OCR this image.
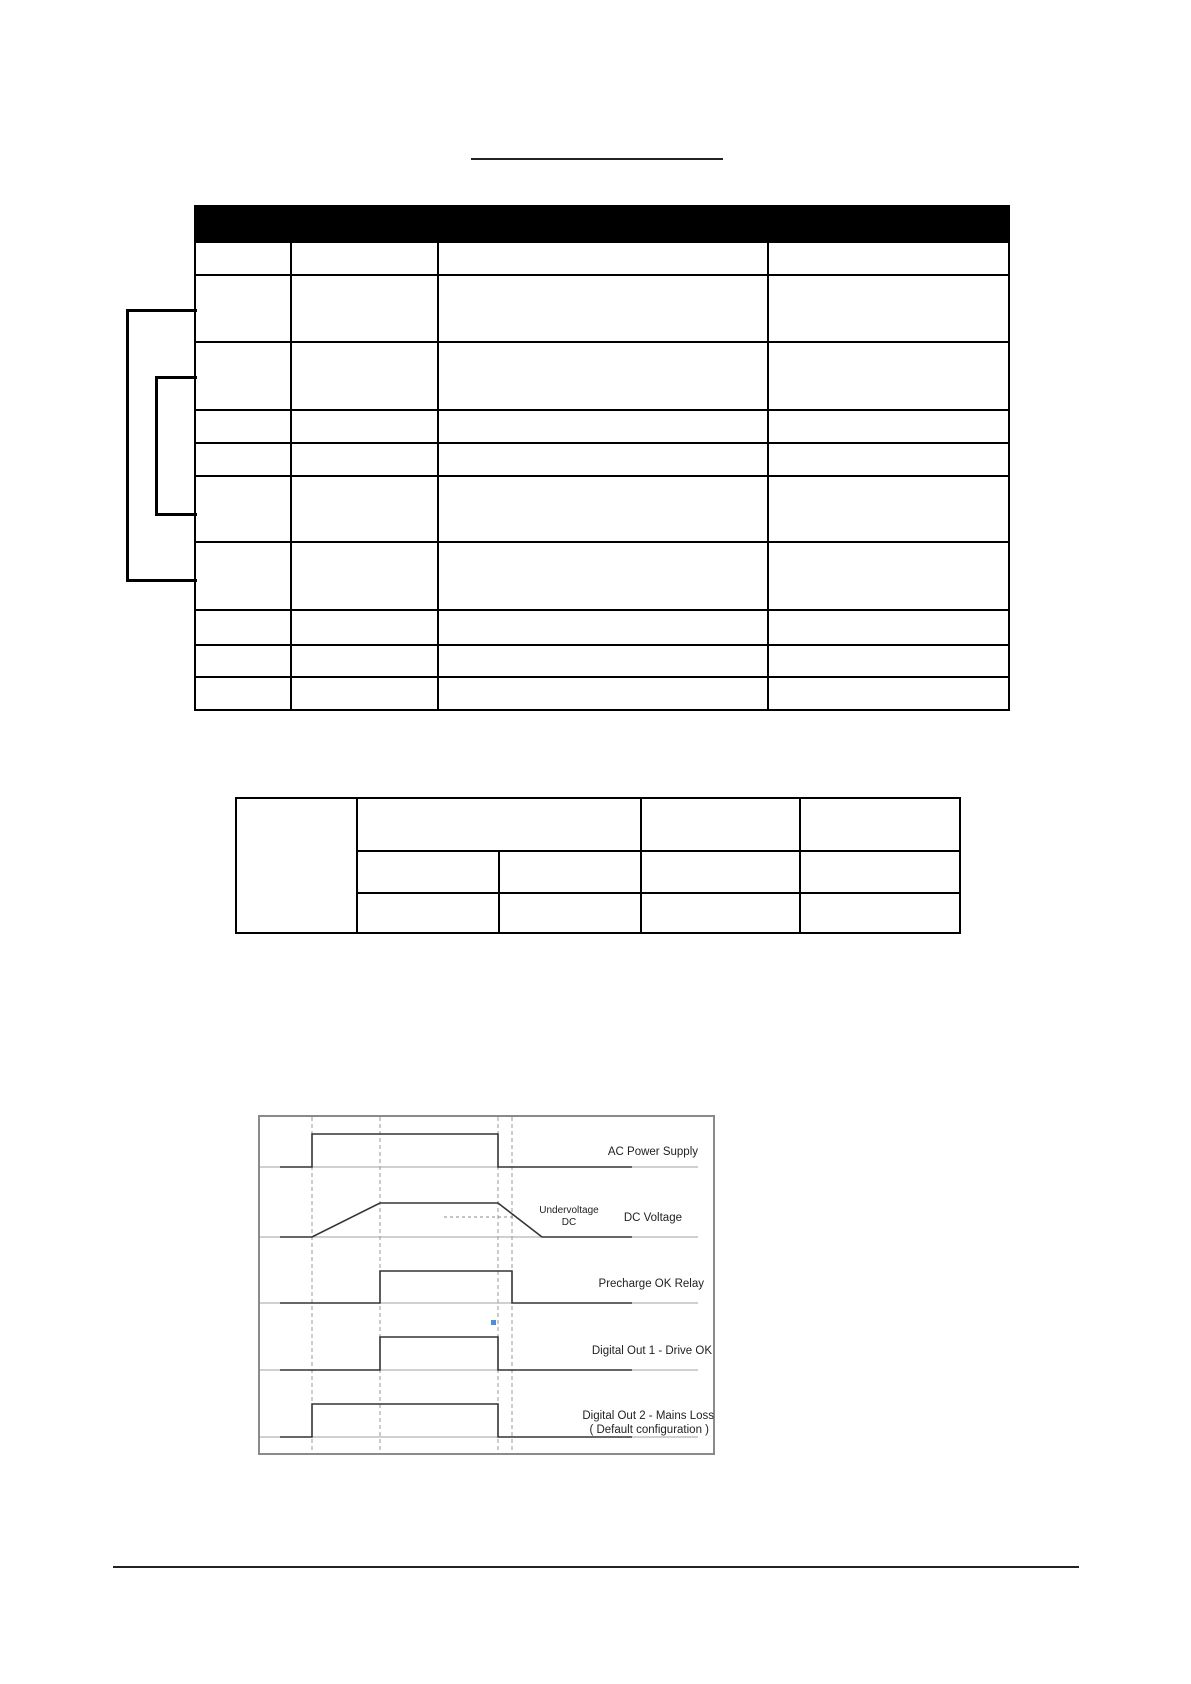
AC Power Supply
Undervoltage
DC	DC Voltage
Precharge OK Relay
Digital Out 1 - Drive OK
Digital Out 2 - Mains Loss
( Default configuration )
